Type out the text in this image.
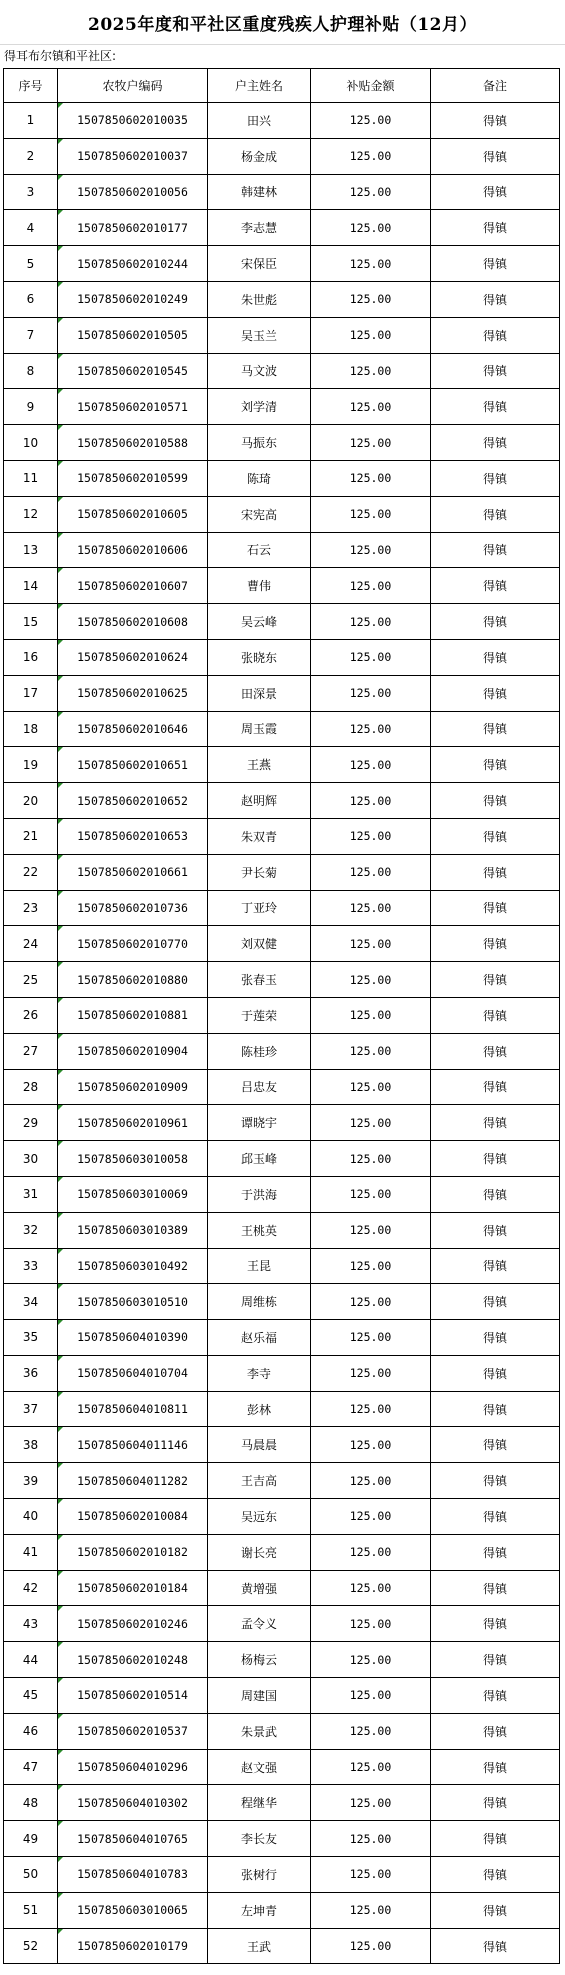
2025年度和平社区重度残疾人护理补贴（12月）
得耳布尔镇和平社区:
序号	农牧户编码	户主姓名	补贴金额	备注
1	1507850602010035	田兴	125.00	得镇
2	1507850602010037	杨金成	125.00	得镇
3	1507850602010056	韩建林	125.00	得镇
4	1507850602010177	李志慧	125.00	得镇
5	1507850602010244	宋保臣	125.00	得镇
6	1507850602010249	朱世彪	125.00	得镇
7	1507850602010505	吴玉兰	125.00	得镇
8	1507850602010545	马文波	125.00	得镇
9	1507850602010571	刘学清	125.00	得镇
10	1507850602010588	马振东	125.00	得镇
11	1507850602010599	陈琦	125.00	得镇
12	1507850602010605	宋宪高	125.00	得镇
13	1507850602010606	石云	125.00	得镇
14	1507850602010607	曹伟	125.00	得镇
15	1507850602010608	吴云峰	125.00	得镇
16	1507850602010624	张晓东	125.00	得镇
17	1507850602010625	田深景	125.00	得镇
18	1507850602010646	周玉霞	125.00	得镇
19	1507850602010651	王燕	125.00	得镇
20	1507850602010652	赵明辉	125.00	得镇
21	1507850602010653	朱双青	125.00	得镇
22	1507850602010661	尹长菊	125.00	得镇
23	1507850602010736	丁亚玲	125.00	得镇
24	1507850602010770	刘双健	125.00	得镇
25	1507850602010880	张春玉	125.00	得镇
26	1507850602010881	于莲荣	125.00	得镇
27	1507850602010904	陈桂珍	125.00	得镇
28	1507850602010909	吕忠友	125.00	得镇
29	1507850602010961	谭晓宇	125.00	得镇
30	1507850603010058	邱玉峰	125.00	得镇
31	1507850603010069	于洪海	125.00	得镇
32	1507850603010389	王桃英	125.00	得镇
33	1507850603010492	王昆	125.00	得镇
34	1507850603010510	周维栋	125.00	得镇
35	1507850604010390	赵乐福	125.00	得镇
36	1507850604010704	李寺	125.00	得镇
37	1507850604010811	彭林	125.00	得镇
38	1507850604011146	马晨晨	125.00	得镇
39	1507850604011282	王吉高	125.00	得镇
40	1507850602010084	吴远东	125.00	得镇
41	1507850602010182	谢长亮	125.00	得镇
42	1507850602010184	黄增强	125.00	得镇
43	1507850602010246	孟令义	125.00	得镇
44	1507850602010248	杨梅云	125.00	得镇
45	1507850602010514	周建国	125.00	得镇
46	1507850602010537	朱景武	125.00	得镇
47	1507850604010296	赵文强	125.00	得镇
48	1507850604010302	程继华	125.00	得镇
49	1507850604010765	李长友	125.00	得镇
50	1507850604010783	张树行	125.00	得镇
51	1507850603010065	左坤青	125.00	得镇
52	1507850602010179	王武	125.00	得镇
